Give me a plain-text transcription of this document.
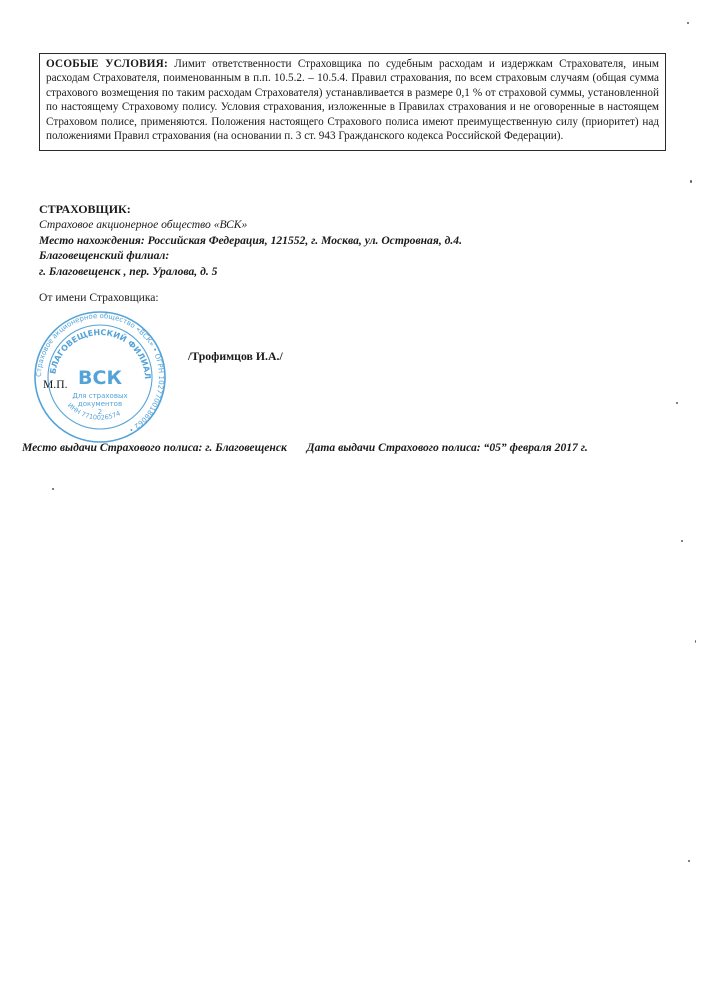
ОСОБЫЕ УСЛОВИЯ: Лимит ответственности Страховщика по судебным расходам и издержкам Страхователя, иным расходам Страхователя, поименованным в п.п. 10.5.2. – 10.5.4. Правил страхования, по всем страховым случаям (общая сумма страхового возмещения по таким расходам Страхователя) устанавливается в размере 0,1 % от страховой суммы, установленной по настоящему Страховому полису. Условия страхования, изложенные в Правилах страхования и не оговоренные в настоящем Страховом полисе, применяются. Положения настоящего Страхового полиса имеют преимущественную силу (приоритет) над положениями Правил страхования (на основании п. 3 ст. 943 Гражданского кодекса Российской Федерации).
СТРАХОВЩИК:
Страховое акционерное общество «ВСК»
Место нахождения: Российская Федерация, 121552, г. Москва, ул. Островная, д.4.
Благовещенский филиал:
г. Благовещенск , пер. Уралова, д. 5
От имени Страховщика:
Страховое акционерное общество «ВСК» • ОГРН 1027700186062 •
БЛАГОВЕЩЕНСКИЙ ФИЛИАЛ
ИНН 7710026574
ВСК
Для страховых
документов
2
/Трофимцов И.А./
М.П.
Место выдачи Страхового полиса: г. Благовещенск Дата выдачи Страхового полиса: “05” февраля 2017 г.
